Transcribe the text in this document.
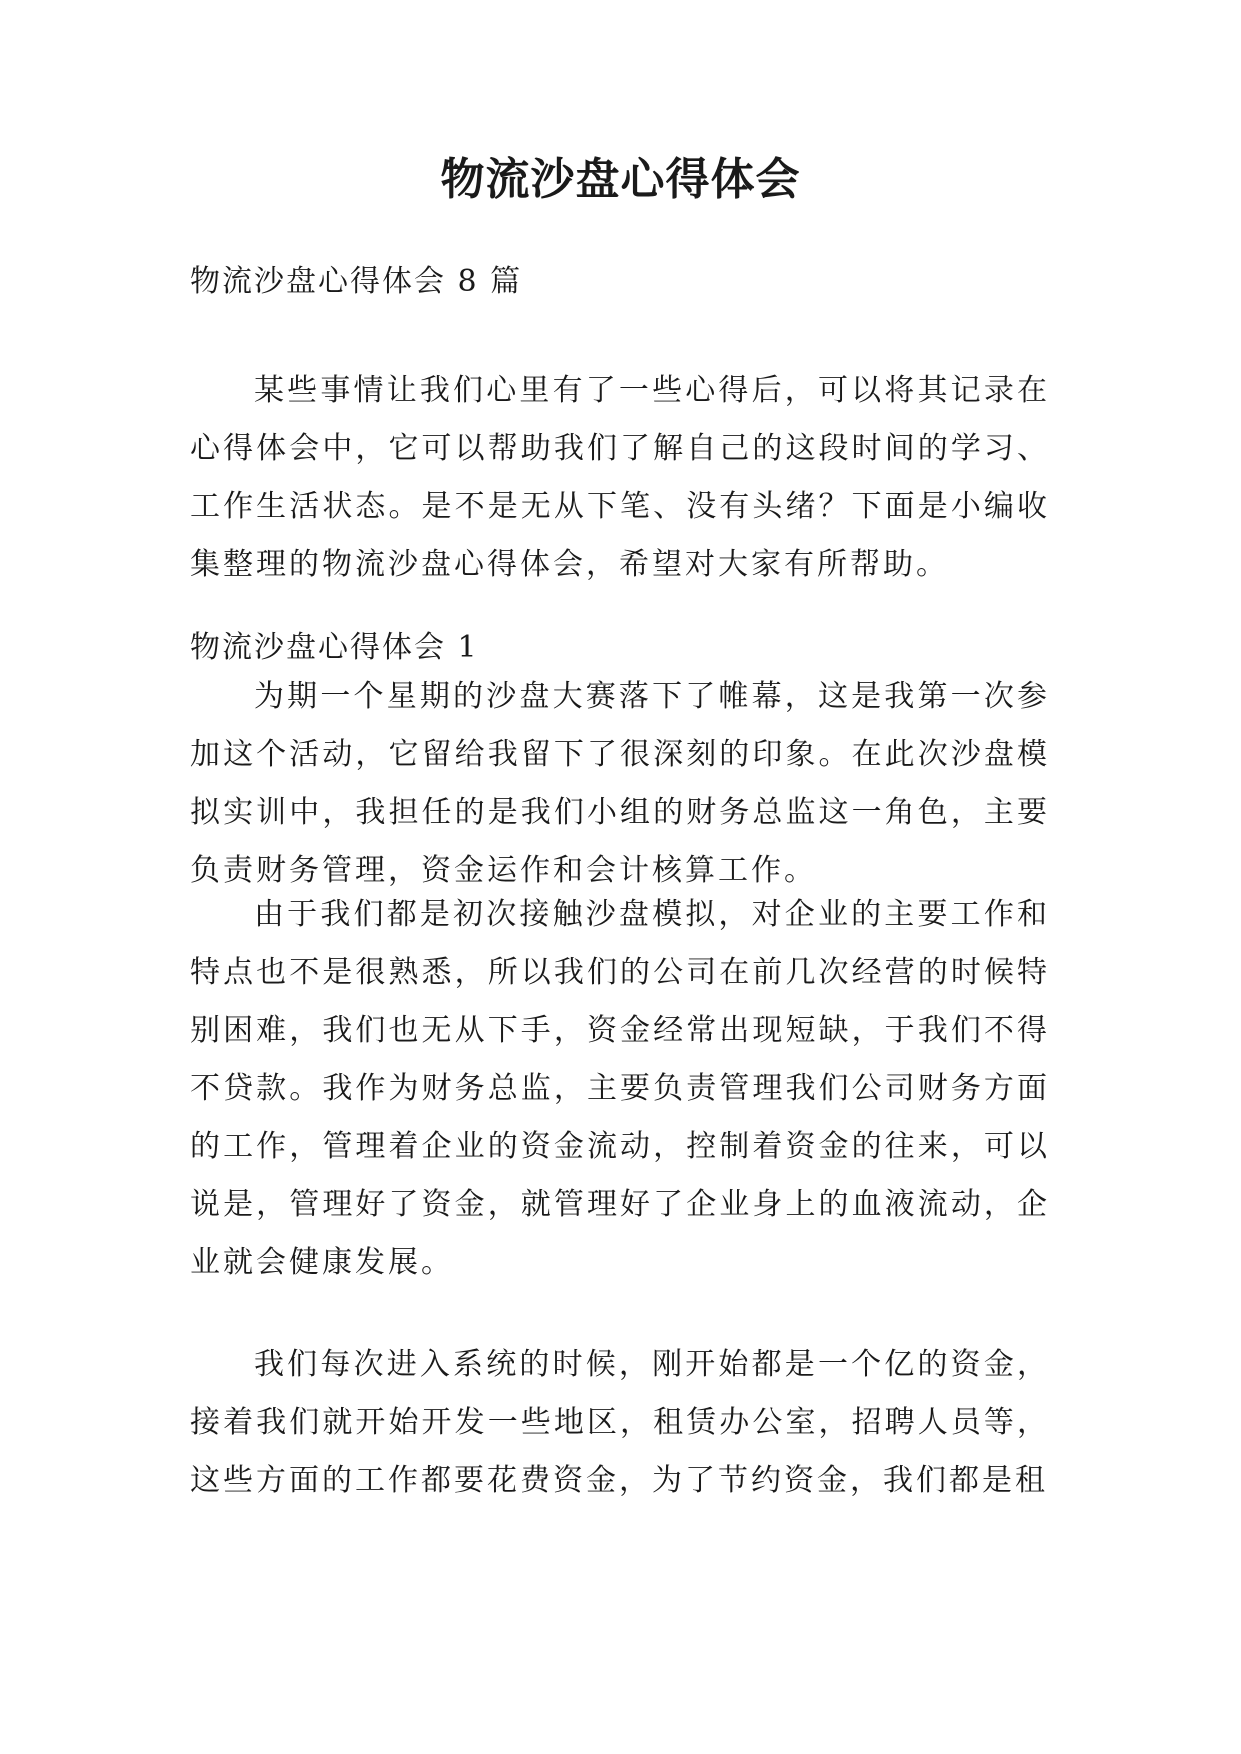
物流沙盘心得体会
物流沙盘心得体会 8 篇
某些事情让我们心里有了一些心得后，可以将其记录在心得体会中，它可以帮助我们了解自己的这段时间的学习、工作生活状态。是不是无从下笔、没有头绪？下面是小编收集整理的物流沙盘心得体会，希望对大家有所帮助。
物流沙盘心得体会 1
为期一个星期的沙盘大赛落下了帷幕，这是我第一次参加这个活动，它留给我留下了很深刻的印象。在此次沙盘模拟实训中，我担任的是我们小组的财务总监这一角色，主要负责财务管理，资金运作和会计核算工作。
由于我们都是初次接触沙盘模拟，对企业的主要工作和特点也不是很熟悉，所以我们的公司在前几次经营的时候特别困难，我们也无从下手，资金经常出现短缺，于我们不得不贷款。我作为财务总监，主要负责管理我们公司财务方面的工作，管理着企业的资金流动，控制着资金的往来，可以说是，管理好了资金，就管理好了企业身上的血液流动，企业就会健康发展。
我们每次进入系统的时候，刚开始都是一个亿的资金，接着我们就开始开发一些地区，租赁办公室，招聘人员等，这些方面的工作都要花费资金，为了节约资金，我们都是租
